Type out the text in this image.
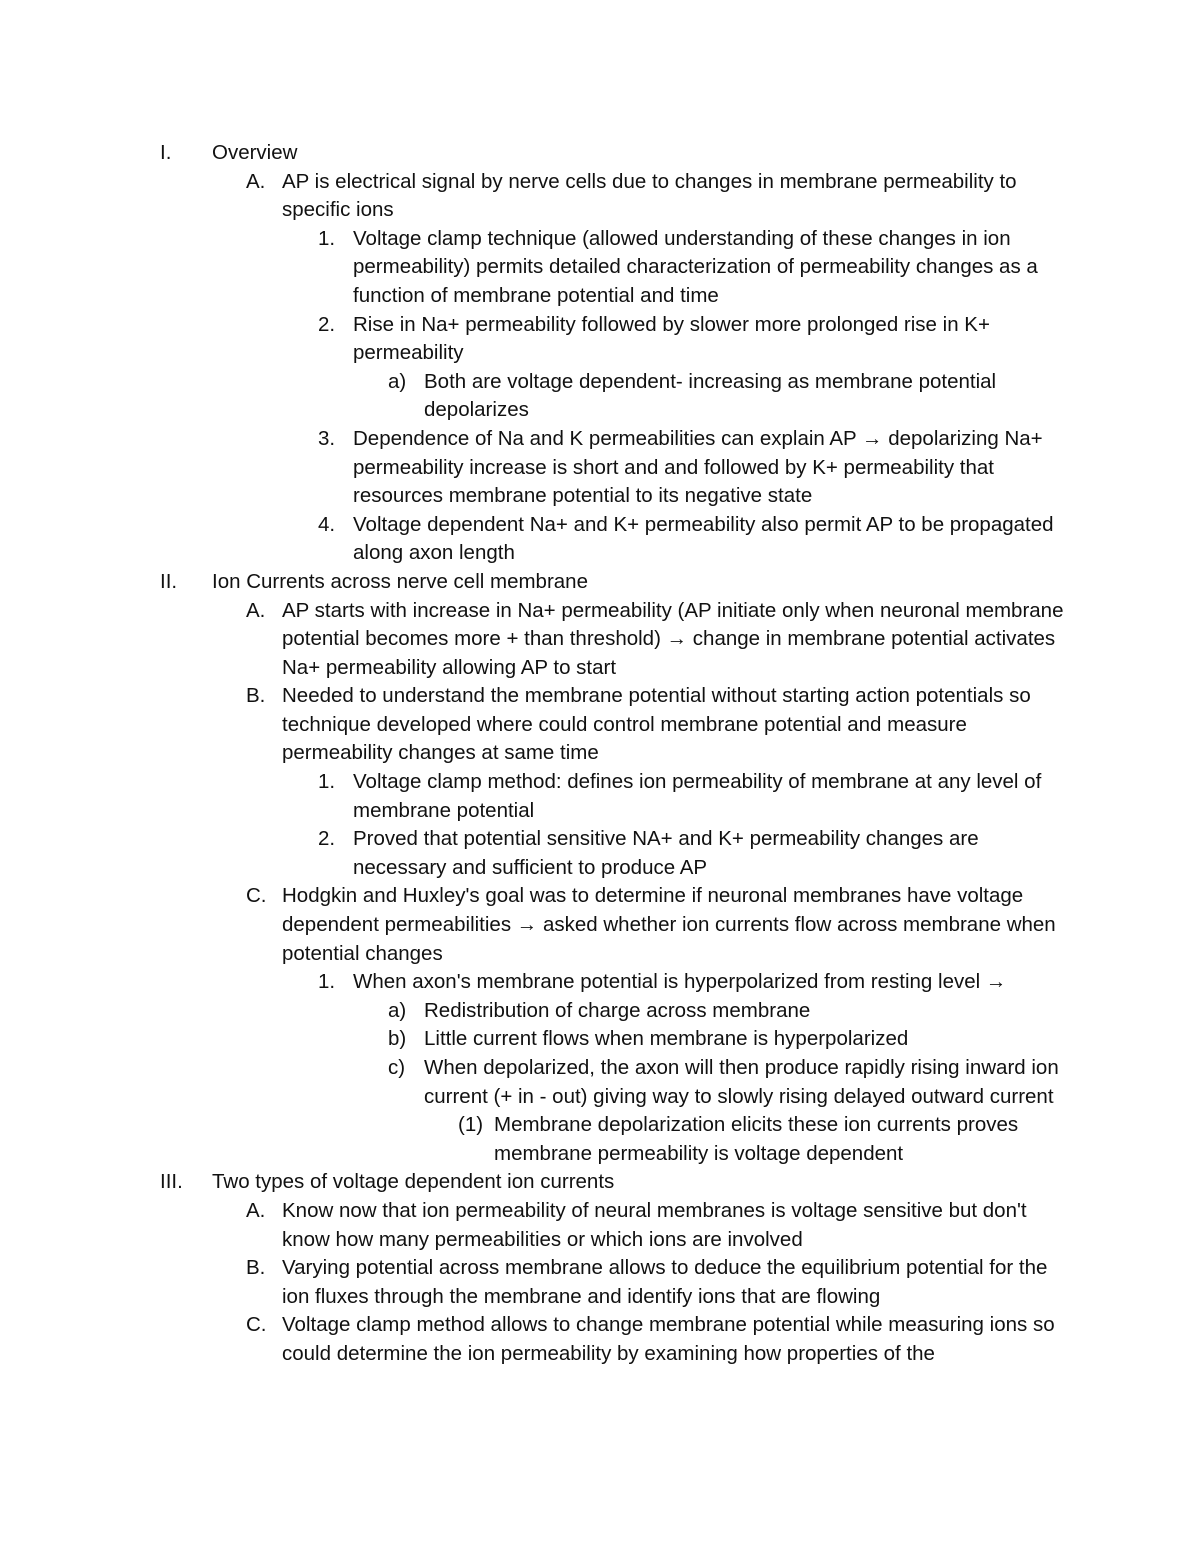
I. Overview
A. AP is electrical signal by nerve cells due to changes in membrane permeability to specific ions
1. Voltage clamp technique (allowed understanding of these changes in ion permeability) permits detailed characterization of permeability changes as a function of membrane potential and time
2. Rise in Na+ permeability followed by slower more prolonged rise in K+ permeability
a) Both are voltage dependent- increasing as membrane potential depolarizes
3. Dependence of Na and K permeabilities can explain AP → depolarizing Na+ permeability increase is short and and followed by K+ permeability that resources membrane potential to its negative state
4. Voltage dependent Na+ and K+ permeability also permit AP to be propagated along axon length
II. Ion Currents across nerve cell membrane
A. AP starts with increase in Na+ permeability (AP initiate only when neuronal membrane potential becomes more + than threshold) → change in membrane potential activates Na+ permeability allowing AP to start
B. Needed to understand the membrane potential without starting action potentials so technique developed where could control membrane potential and measure permeability changes at same time
1. Voltage clamp method: defines ion permeability of membrane at any level of membrane potential
2. Proved that potential sensitive NA+ and K+ permeability changes are necessary and sufficient to produce AP
C. Hodgkin and Huxley's goal was to determine if neuronal membranes have voltage dependent permeabilities → asked whether ion currents flow across membrane when potential changes
1. When axon's membrane potential is hyperpolarized from resting level →
a) Redistribution of charge across membrane
b) Little current flows when membrane is hyperpolarized
c) When depolarized, the axon will then produce rapidly rising inward ion current (+ in - out) giving way to slowly rising delayed outward current
(1) Membrane depolarization elicits these ion currents proves membrane permeability is voltage dependent
III. Two types of voltage dependent ion currents
A. Know now that ion permeability of neural membranes is voltage sensitive but don't know how many permeabilities or which ions are involved
B. Varying potential across membrane allows to deduce the equilibrium potential for the ion fluxes through the membrane and identify ions that are flowing
C. Voltage clamp method allows to change membrane potential while measuring ions so could determine the ion permeability by examining how properties of the
